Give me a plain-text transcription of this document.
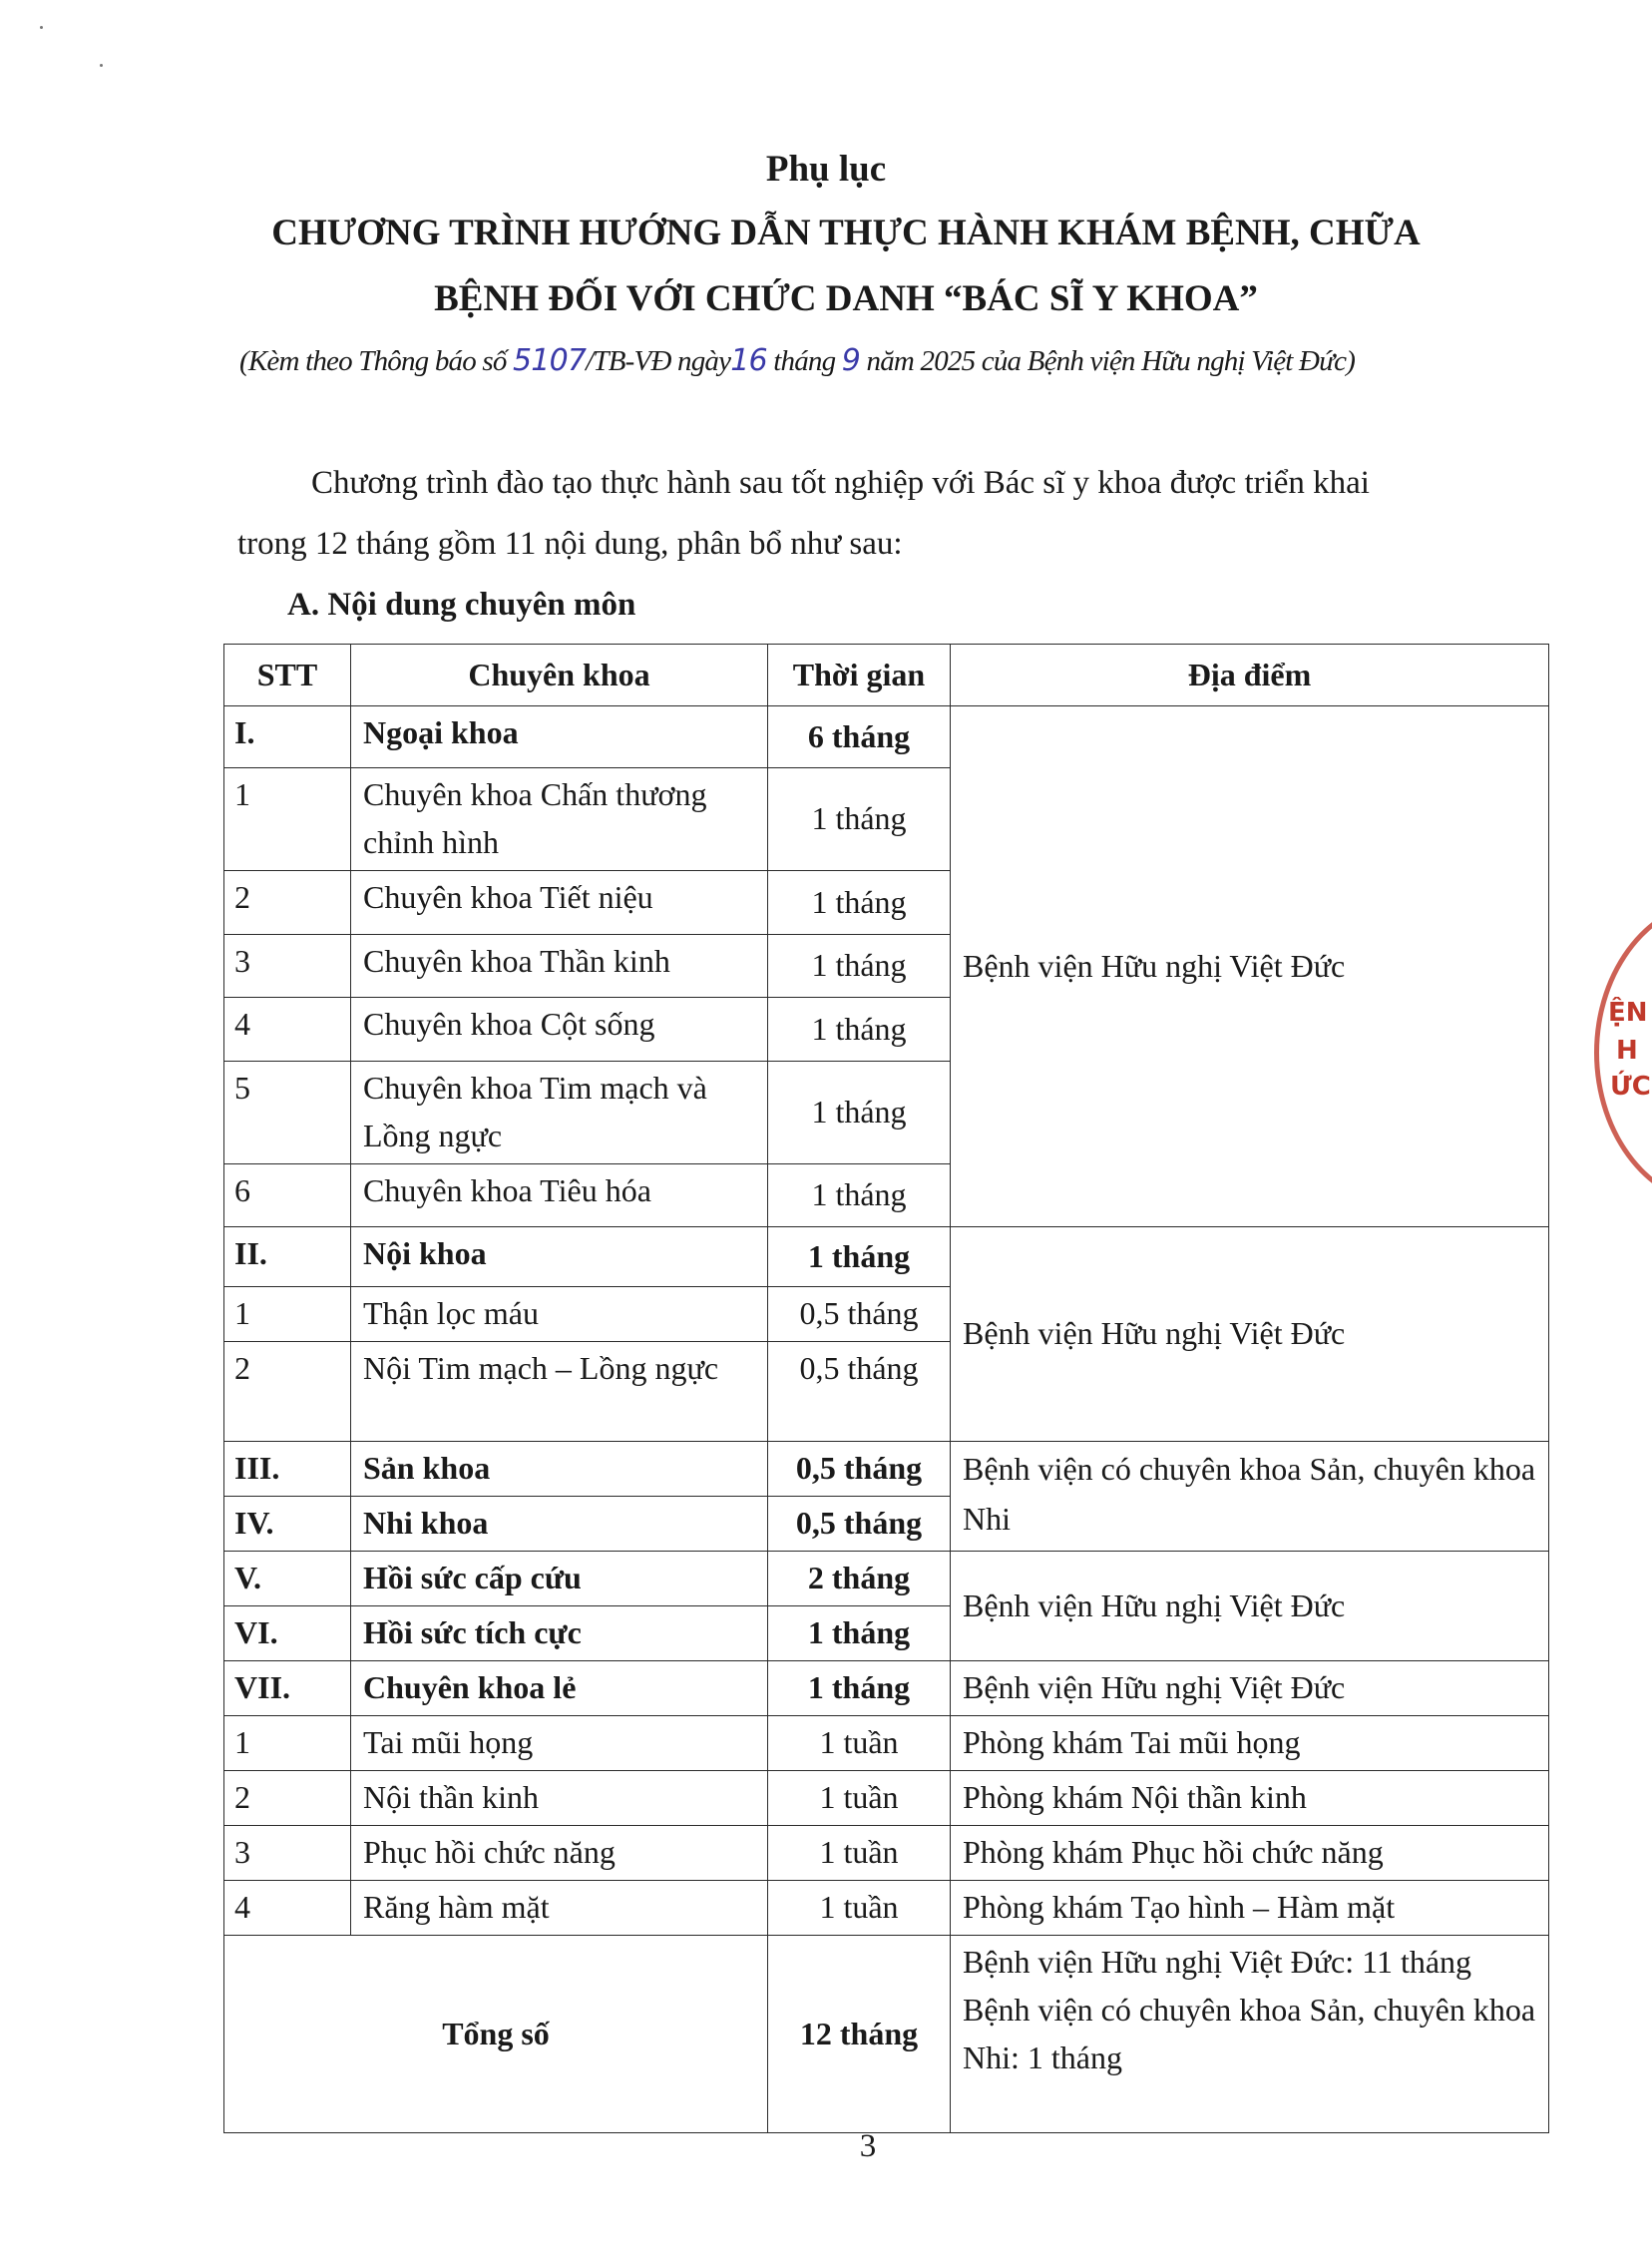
Phụ lục
CHƯƠNG TRÌNH HƯỚNG DẪN THỰC HÀNH KHÁM BỆNH, CHỮA
BỆNH ĐỐI VỚI CHỨC DANH “BÁC SĨ Y KHOA”
(Kèm theo Thông báo số 5107/TB-VĐ ngày16 tháng 9 năm 2025 của Bệnh viện Hữu nghị Việt Đức)
Chương trình đào tạo thực hành sau tốt nghiệp với Bác sĩ y khoa được triển khai
trong 12 tháng gồm 11 nội dung, phân bổ như sau:
A. Nội dung chuyên môn
STT	Chuyên khoa	Thời gian	Địa điểm
I.	Ngoại khoa	6 tháng	Bệnh viện Hữu nghị Việt Đức
1	Chuyên khoa Chấn thương chỉnh hình	1 tháng	
2	Chuyên khoa Tiết niệu	1 tháng	
3	Chuyên khoa Thần kinh	1 tháng	
4	Chuyên khoa Cột sống	1 tháng	
5	Chuyên khoa Tim mạch và Lồng ngực	1 tháng	
6	Chuyên khoa Tiêu hóa	1 tháng	
II.	Nội khoa	1 tháng	Bệnh viện Hữu nghị Việt Đức
1	Thận lọc máu	0,5 tháng	
2	Nội Tim mạch – Lồng ngực	0,5 tháng	
III.	Sản khoa	0,5 tháng	Bệnh viện có chuyên khoa Sản, chuyên khoa Nhi
IV.	Nhi khoa	0,5 tháng	
V.	Hồi sức cấp cứu	2 tháng	Bệnh viện Hữu nghị Việt Đức
VI.	Hồi sức tích cực	1 tháng	
VII.	Chuyên khoa lẻ	1 tháng	Bệnh viện Hữu nghị Việt Đức
1	Tai mũi họng	1 tuần	Phòng khám Tai mũi họng
2	Nội thần kinh	1 tuần	Phòng khám Nội thần kinh
3	Phục hồi chức năng	1 tuần	Phòng khám Phục hồi chức năng
4	Răng hàm mặt	1 tuần	Phòng khám Tạo hình – Hàm mặt
Tổng số		12 tháng	Bệnh viện Hữu nghị Việt Đức: 11 tháng
Bệnh viện có chuyên khoa Sản, chuyên khoa Nhi: 1 tháng
3
ỆN
H
ỨC
